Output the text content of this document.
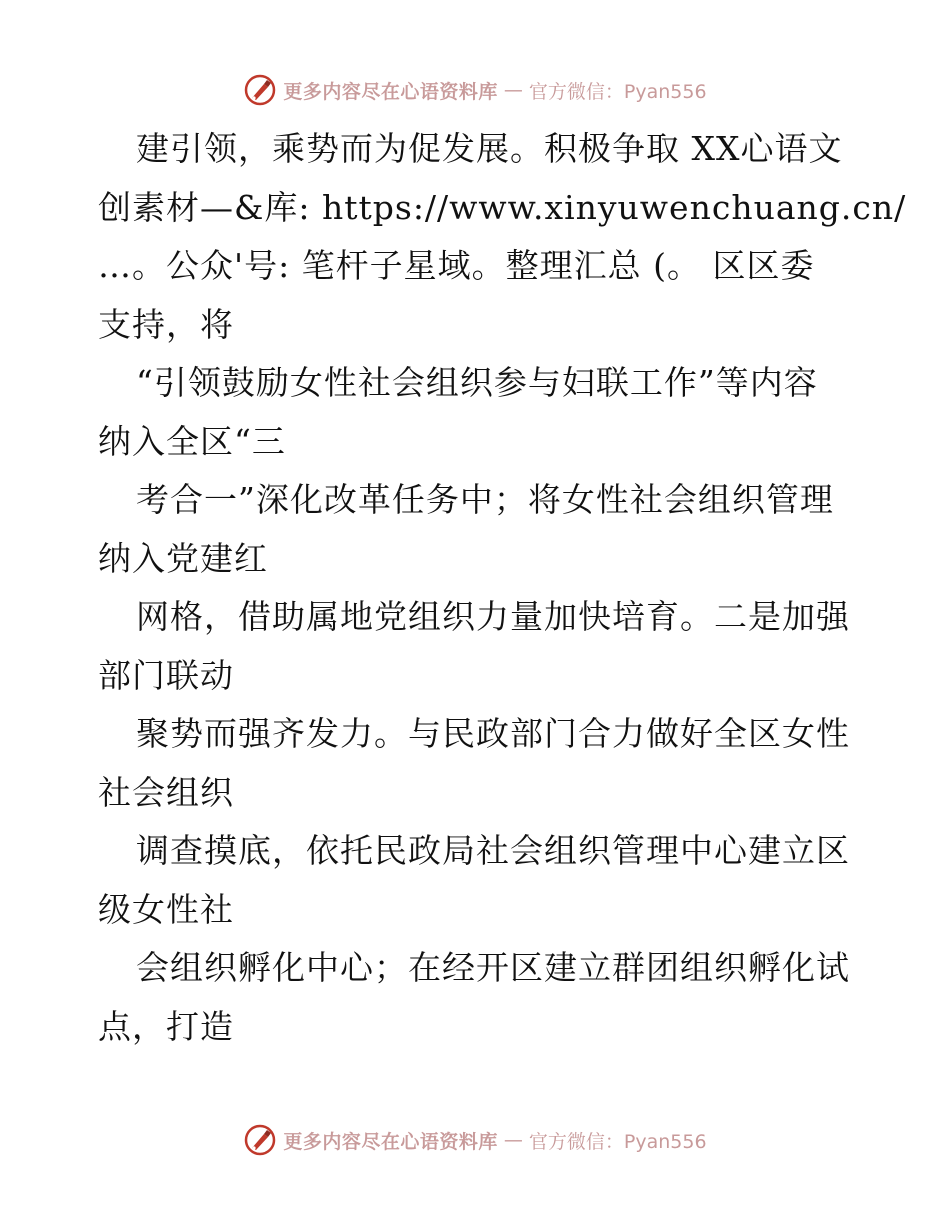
更多内容尽在心语资料库 — 官方微信：Pyan556
建引领，乘势而为促发展。积极争取 XX心语文
创素材—&库: https://www.xinyuwenchuang.cn/
…。公众'号: 笔杆子星域。整理汇总 (。 区区委
支持，将
“引领鼓励女性社会组织参与妇联工作”等内容
纳入全区“三
考合一”深化改革任务中；将女性社会组织管理
纳入党建红
网格，借助属地党组织力量加快培育。二是加强
部门联动
聚势而强齐发力。与民政部门合力做好全区女性
社会组织
调查摸底，依托民政局社会组织管理中心建立区
级女性社
会组织孵化中心；在经开区建立群团组织孵化试
点，打造
更多内容尽在心语资料库 — 官方微信：Pyan556
